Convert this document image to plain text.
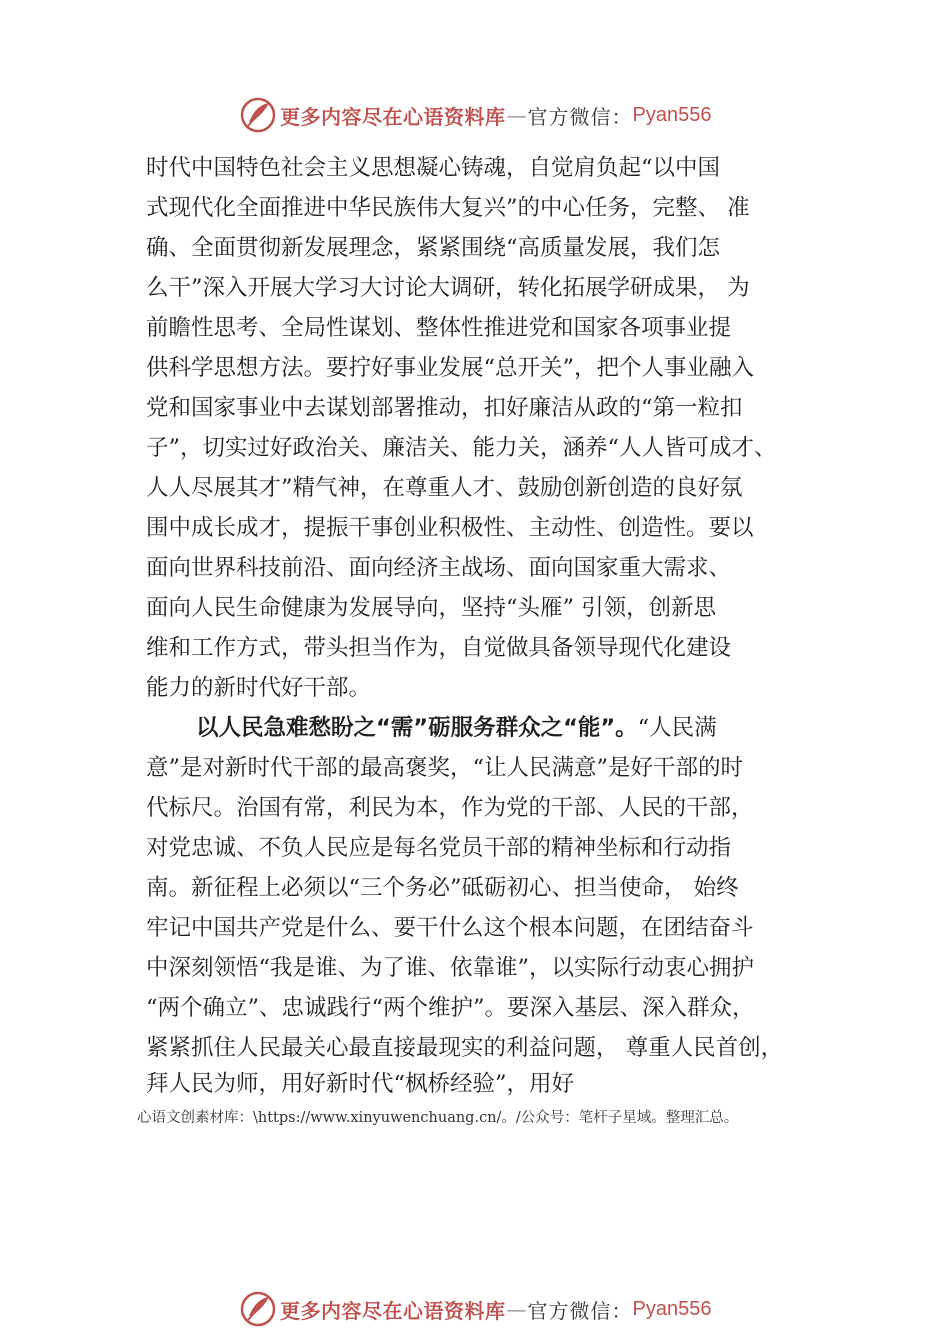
更多内容尽在心语资料库 — 官方微信： Pyan556
时代中国特色社会主义思想凝心铸魂，自觉肩负起“以中国
式现代化全面推进中华民族伟大复兴”的中心任务，完整、 准
确、全面贯彻新发展理念，紧紧围绕“高质量发展，我们怎
么干”深入开展大学习大讨论大调研，转化拓展学研成果， 为
前瞻性思考、全局性谋划、整体性推进党和国家各项事业提
供科学思想方法。要拧好事业发展“总开关”，把个人事业融入
党和国家事业中去谋划部署推动，扣好廉洁从政的“第一粒扣
子”，切实过好政治关、廉洁关、能力关，涵养“人人皆可成才、
人人尽展其才”精气神，在尊重人才、鼓励创新创造的良好氛
围中成长成才，提振干事创业积极性、主动性、创造性。要以
面向世界科技前沿、面向经济主战场、面向国家重大需求、
面向人民生命健康为发展导向，坚持“头雁” 引领，创新思
维和工作方式，带头担当作为，自觉做具备领导现代化建设
能力的新时代好干部。
以人民急难愁盼之“需”砺服务群众之“能”。“人民满
意”是对新时代干部的最高褒奖，“让人民满意”是好干部的时
代标尺。治国有常，利民为本，作为党的干部、人民的干部，
对党忠诚、不负人民应是每名党员干部的精神坐标和行动指
南。新征程上必须以“三个务必”砥砺初心、担当使命， 始终
牢记中国共产党是什么、要干什么这个根本问题，在团结奋斗
中深刻领悟“我是谁、为了谁、依靠谁”，以实际行动衷心拥护
“两个确立”、忠诚践行“两个维护”。要深入基层、深入群众，
紧紧抓住人民最关心最直接最现实的利益问题， 尊重人民首创，
拜人民为师，用好新时代“枫桥经验”，用好
心语文创素材库：\https://www.xinyuwenchuang.cn/。/公众号：笔杆子星域。整理汇总。
更多内容尽在心语资料库 — 官方微信： Pyan556
